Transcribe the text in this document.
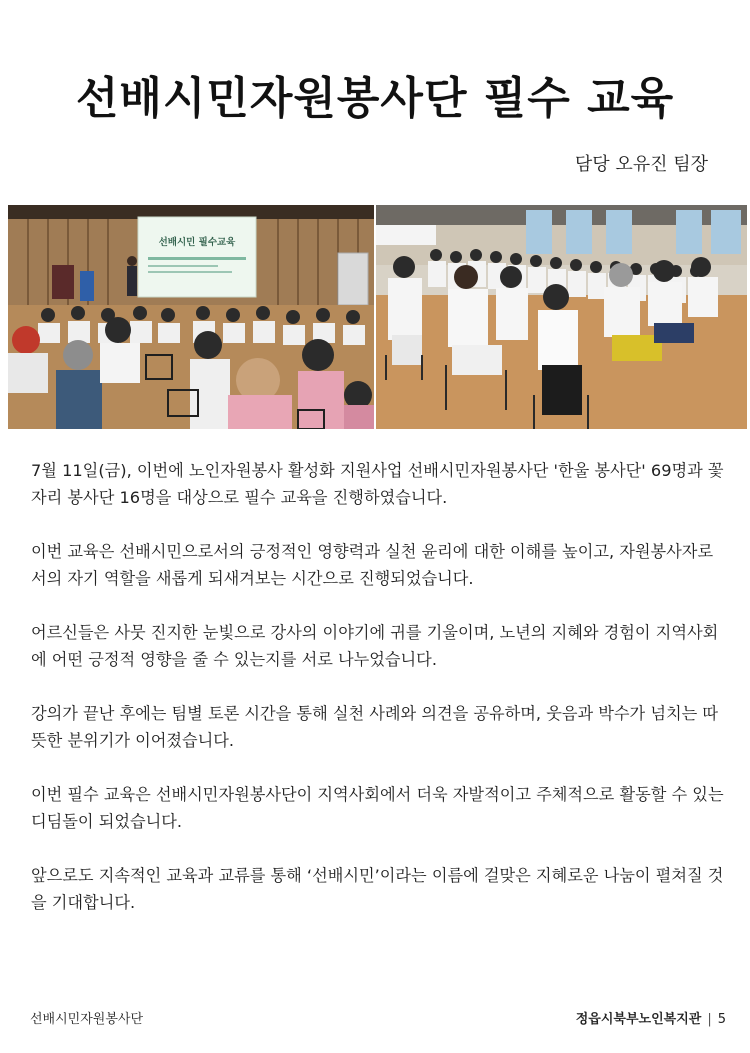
선배시민자원봉사단 필수 교육
담당 오유진 팀장
선배시민 필수교육

7월 11일(금), 이번에 노인자원봉사 활성화 지원사업 선배시민자원봉사단 '한울 봉사단' 69명과 꽃자리 봉사단 16명을 대상으로 필수 교육을 진행하였습니다.

이번 교육은 선배시민으로서의 긍정적인 영향력과 실천 윤리에 대한 이해를 높이고, 자원봉사자로서의 자기 역할을 새롭게 되새겨보는 시간으로 진행되었습니다.

어르신들은 사뭇 진지한 눈빛으로 강사의 이야기에 귀를 기울이며, 노년의 지혜와 경험이 지역사회에 어떤 긍정적 영향을 줄 수 있는지를 서로 나누었습니다.

강의가 끝난 후에는 팀별 토론 시간을 통해 실천 사례와 의견을 공유하며, 웃음과 박수가 넘치는 따뜻한 분위기가 이어졌습니다.

이번 필수 교육은 선배시민자원봉사단이 지역사회에서 더욱 자발적이고 주체적으로 활동할 수 있는 디딤돌이 되었습니다.

앞으로도 지속적인 교육과 교류를 통해 ‘선배시민’이라는 이름에 걸맞은 지혜로운 나눔이 펼쳐질 것을 기대합니다.

선배시민자원봉사단	정읍시북부노인복지관 | 5
